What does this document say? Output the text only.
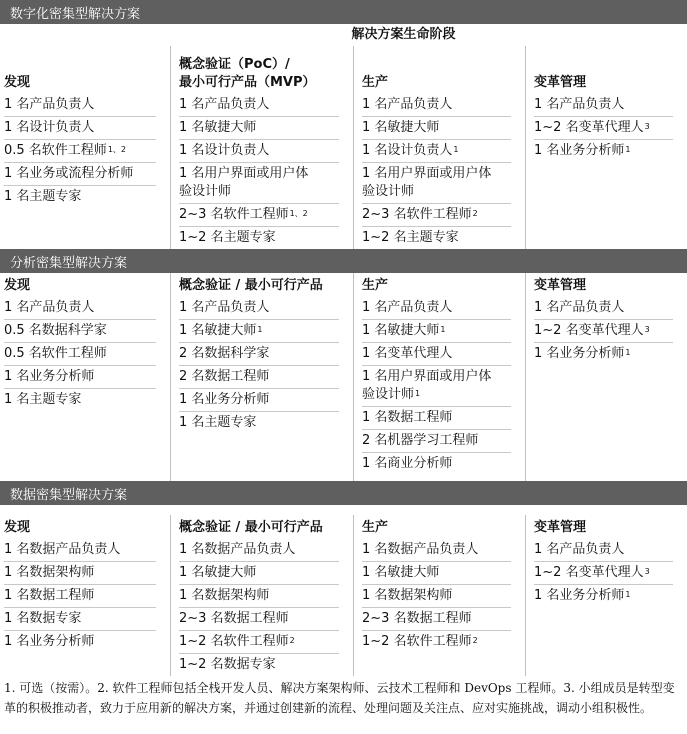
数字化密集型解决方案
解决方案生命阶段
发现
1 名产品负责人
1 名设计负责人
0.5 名软件工程师$^{1、2}$
1 名业务或流程分析师
1 名主题专家
概念验证（PoC）/
最小可行产品（MVP）
1 名产品负责人
1 名敏捷大师
1 名设计负责人
1 名用户界面或用户体
验设计师
2~3 名软件工程师$^{1、2}$
1~2 名主题专家
生产
1 名产品负责人
1 名敏捷大师
1 名设计负责人$^1$
1 名用户界面或用户体
验设计师
2~3 名软件工程师$^2$
1~2 名主题专家
变革管理
1 名产品负责人
1~2 名变革代理人$^3$
1 名业务分析师$^1$
分析密集型解决方案
发现
1 名产品负责人
0.5 名数据科学家
0.5 名软件工程师
1 名业务分析师
1 名主题专家
概念验证 / 最小可行产品
1 名产品负责人
1 名敏捷大师$^1$
2 名数据科学家
2 名数据工程师
1 名业务分析师
1 名主题专家
生产
1 名产品负责人
1 名敏捷大师$^1$
1 名变革代理人
1 名用户界面或用户体
验设计师$^1$
1 名数据工程师
2 名机器学习工程师
1 名商业分析师
变革管理
1 名产品负责人
1~2 名变革代理人$^3$
1 名业务分析师$^1$
数据密集型解决方案
发现
1 名数据产品负责人
1 名数据架构师
1 名数据工程师
1 名数据专家
1 名业务分析师
概念验证 / 最小可行产品
1 名数据产品负责人
1 名敏捷大师
1 名数据架构师
2~3 名数据工程师
1~2 名软件工程师$^2$
1~2 名数据专家
生产
1 名数据产品负责人
1 名敏捷大师
1 名数据架构师
2~3 名数据工程师
1~2 名软件工程师$^2$
变革管理
1 名产品负责人
1~2 名变革代理人$^3$
1 名业务分析师$^1$
1. 可选（按需）。2. 软件工程师包括全栈开发人员、解决方案架构师、云技术工程师和 DevOps 工程师。3. 小组成员是转型变革的积极推动者，致力于应用新的解决方案，并通过创建新的流程、处理问题及关注点、应对实施挑战，调动小组积极性。
